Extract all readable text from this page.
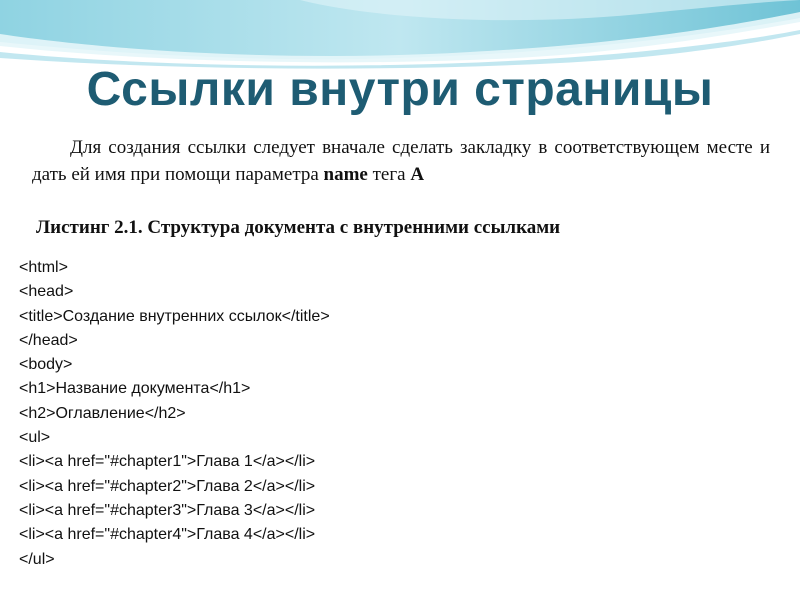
Ссылки внутри страницы

Для создания ссылки следует вначале сделать закладку в соответствующем месте и дать ей имя при помощи параметра name тега A

Листинг 2.1. Структура документа с внутренними ссылками

<html>
<head>
<title>Создание внутренних ссылок</title>
</head>
<body>
<h1>Название документа</h1>
<h2>Оглавление</h2>
<ul>
<li><a href="#chapter1">Глава 1</a></li>
<li><a href="#chapter2">Глава 2</a></li>
<li><a href="#chapter3">Глава 3</a></li>
<li><a href="#chapter4">Глава 4</a></li>
</ul>
